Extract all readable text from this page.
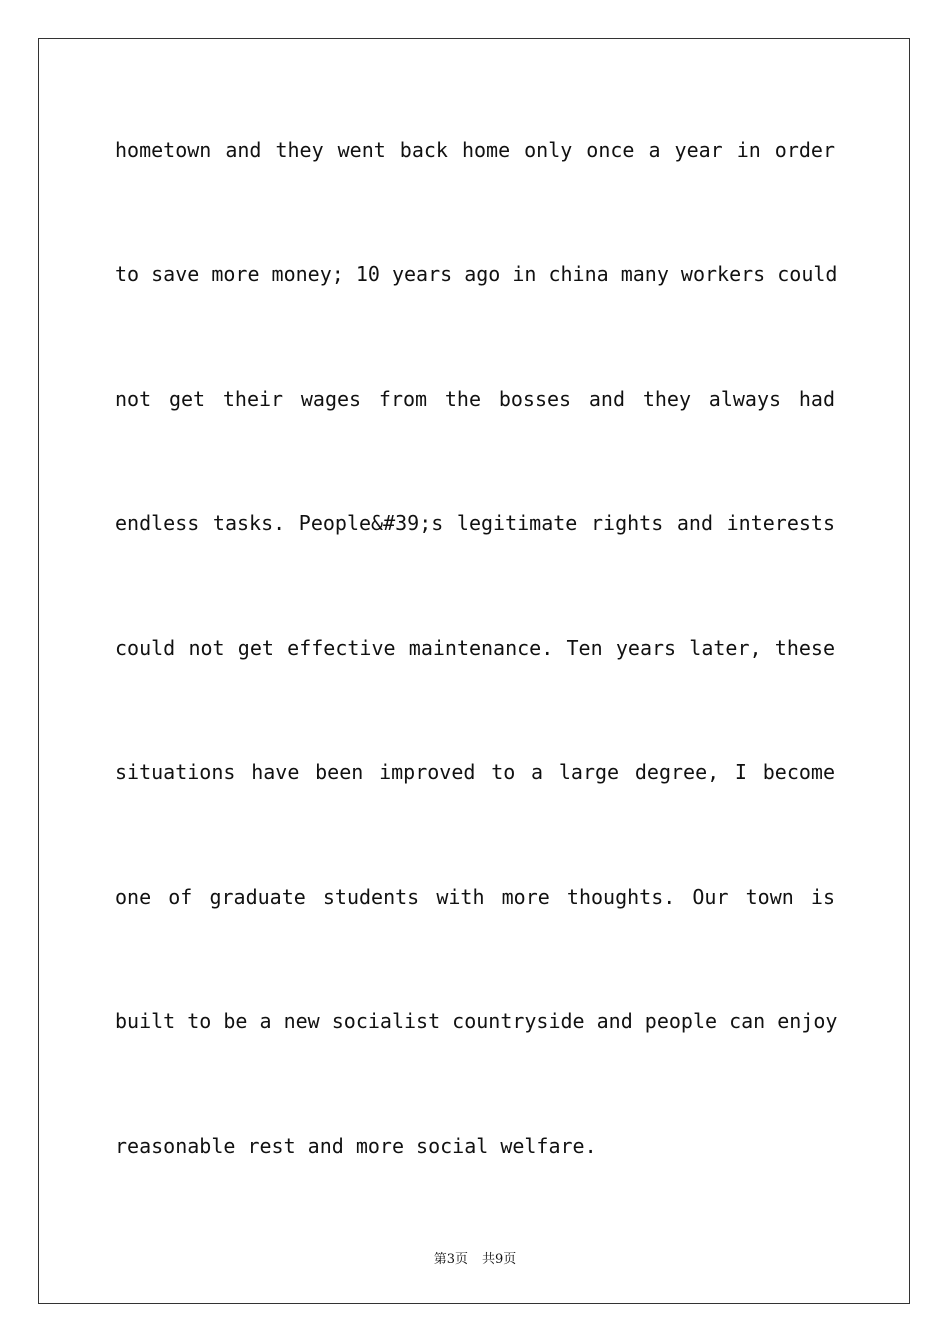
hometown and they went back home only once a year in order
to save more money; 10 years ago in china many workers could
not get their wages from the bosses and they always had
endless tasks. People&#39;s legitimate rights and interests
could not get effective maintenance. Ten years later, these
situations have been improved to a large degree, I become
one of graduate students with more thoughts. Our town is
built to be a new socialist countryside and people can enjoy
reasonable rest and more social welfare.
第3页 共9页
